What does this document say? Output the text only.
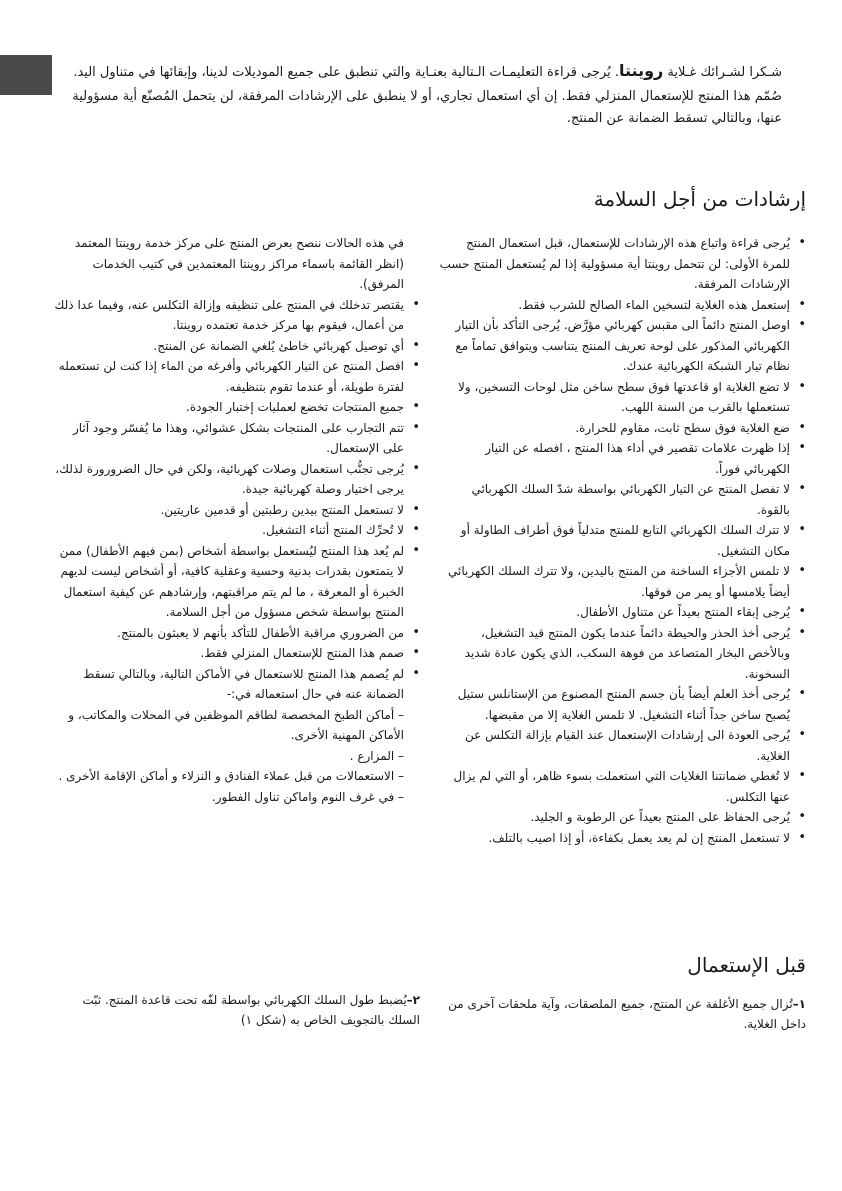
شـكرا لشـرائك غـلاية روينتا. يُرجى قراءة التعليمـات الـتالية بعنـاية والتي تنطبق على جميع الموديلات لدينا، وإبقائها في متناول اليد.

صُمّم هذا المنتج للإستعمال المنزلي فقط. إن أي استعمال تجاري، أو لا ينطبق على الإرشادات المرفقة، لن يتحمل المُصنّع أية مسؤولية عنها، وبالتالي تسقط الضمانة عن المنتج.

إرشادات من أجل السلامة
• يُرجى قراءة واتباع هذه الإرشادات للإستعمال، قبل استعمال المنتج للمرة الأولى: لن تتحمل روينتا أية مسؤولية إذا لم يُستعمل المنتج حسب الإرشادات المرفقة.
• إستعمل هذه الغلاية لتسخين الماء الصالح للشرب فقط.
• اوصل المنتج دائماً الى مقبس كهربائي مؤرَّض. يُرجى التأكد بأن التيار الكهربائي المذكور على لوحة تعريف المنتج يتناسب ويتوافق تماماً مع نظام تيار الشبكة الكهربائية عندك.
• لا تضع الغلاية او قاعدتها فوق سطح ساخن مثل لوحات التسخين، ولا تستعملها بالقرب من السنة اللهب.
• ضع الغلاية فوق سطح ثابت، مقاوم للحرارة.
• إذا ظهرت علامات تقصير في أداء هذا المنتج ، افصله عن التيار الكهربائي فوراً.
• لا تفصل المنتج عن التيار الكهربائي بواسطة شدّ السلك الكهربائي بالقوة.
• لا تترك السلك الكهربائي التابع للمنتج متدلياً فوق أطراف الطاولة أو مكان التشغيل.
• لا تلمس الأجزاء الساخنة من المنتج باليدين، ولا تترك السلك الكهربائي أيضاً يلامسها أو يمر من فوقها.
• يُرجى إبقاء المنتج بعيداً عن متناول الأطفال.
• يُرجى أخذ الحذر والحيطة دائماً عندما يكون المنتج قيد التشغيل، وبالأخص البخار المتصاعد من فوهة السكب، الذي يكون عادة شديد السخونة.
• يُرجى أخذ العلم أيضاً بأن جسم المنتج المصنوع من الإستانلس ستيل يُصبح ساخن جداً أثناء التشغيل. لا تلمس الغلاية إلا من مقبضها.
• يُرجى العودة الى إرشادات الإستعمال عند القيام بإزالة التكلس عن الغلاية.
• لا تُغطي ضمانتنا الغلايات التي استعملت بسوء ظاهر، أو التي لم يزال عنها التكلس.
• يُرجى الحفاظ على المنتج بعيداً عن الرطوبة و الجليد.
• لا تستعمل المنتج إن لم يعد يعمل بكفاءة، أو إذا اصيب بالتلف.
في هذه الحالات ننصح بعرض المنتج على مركز خدمة روينتا المعتمد (انظر القائمة باسماء مراكز روينتا المعتمدين في كتيب الخدمات المرفق).
• يقتصر تدخلك في المنتج على تنظيفه وإزالة التكلس عنه، وفيما عدا ذلك من أعمال، فيقوم بها مركز خدمة تعتمده روينتا.
• أي توصيل كهربائي خاطئ يُلغي الضمانة عن المنتج.
• افصل المنتج عن التيار الكهربائي وأفرغه من الماء إذا كنت لن تستعمله لفترة طويلة، أو عندما تقوم بتنظيفه.
• جميع المنتجات تخضع لعمليات إختبار الجودة.
• تتم التجارب على المنتجات بشكل عشوائي، وهذا ما يُفسّر وجود آثار على الإستعمال.
• يُرجى تجنُّب استعمال وصلات كهربائية، ولكن في حال الضرورورة لذلك، يرجى اختيار وصلة كهربائية جيدة.
• لا تستعمل المنتج بيدين رطبتين أو قدمين عاريتين.
• لا تُحرِّك المنتج أثناء التشغيل.
• لم يُعد هذا المنتج ليُستعمل بواسطة أشخاص (بمن فيهم الأطفال) ممن لا يتمتعون بقدرات بدنية وحسية وعقلية كافية، أو أشخاص ليست لديهم الخبرة أو المعرفة ، ما لم يتم مراقبتهم، وإرشادهم عن كيفية استعمال المنتج بواسطة شخص مسؤول من أجل السلامة.
• من الضروري مراقبة الأطفال للتأكد بأنهم لا يعبثون بالمنتج.
• صمم هذا المنتج للإستعمال المنزلي فقط.
• لم يُصمم هذا المنتج للاستعمال في الأماكن التالية، وبالتالي تسقط الضمانة عنه في حال استعماله في:-
– أماكن الطبخ المخصصة لطاقم الموظفين في المحلات والمكاتب، و الأماكن المهنية الأخرى.
– المزارع .
– الاستعمالات من قبل عملاء الفنادق و النزلاء و أماكن الإقامة الأخرى .
– في غرف النوم واماكن تناول الفطور.
قبل الإستعمال
١–تُزال جميع الأغلفة عن المنتج، جميع الملصقات، وآية ملحقات آخرى من داخل الغلاية.
٢–يُضبط طول السلك الكهربائي بواسطة لفّه تحت قاعدة المنتج. ثبّت السلك بالتجويف الخاص به (شكل ١)
